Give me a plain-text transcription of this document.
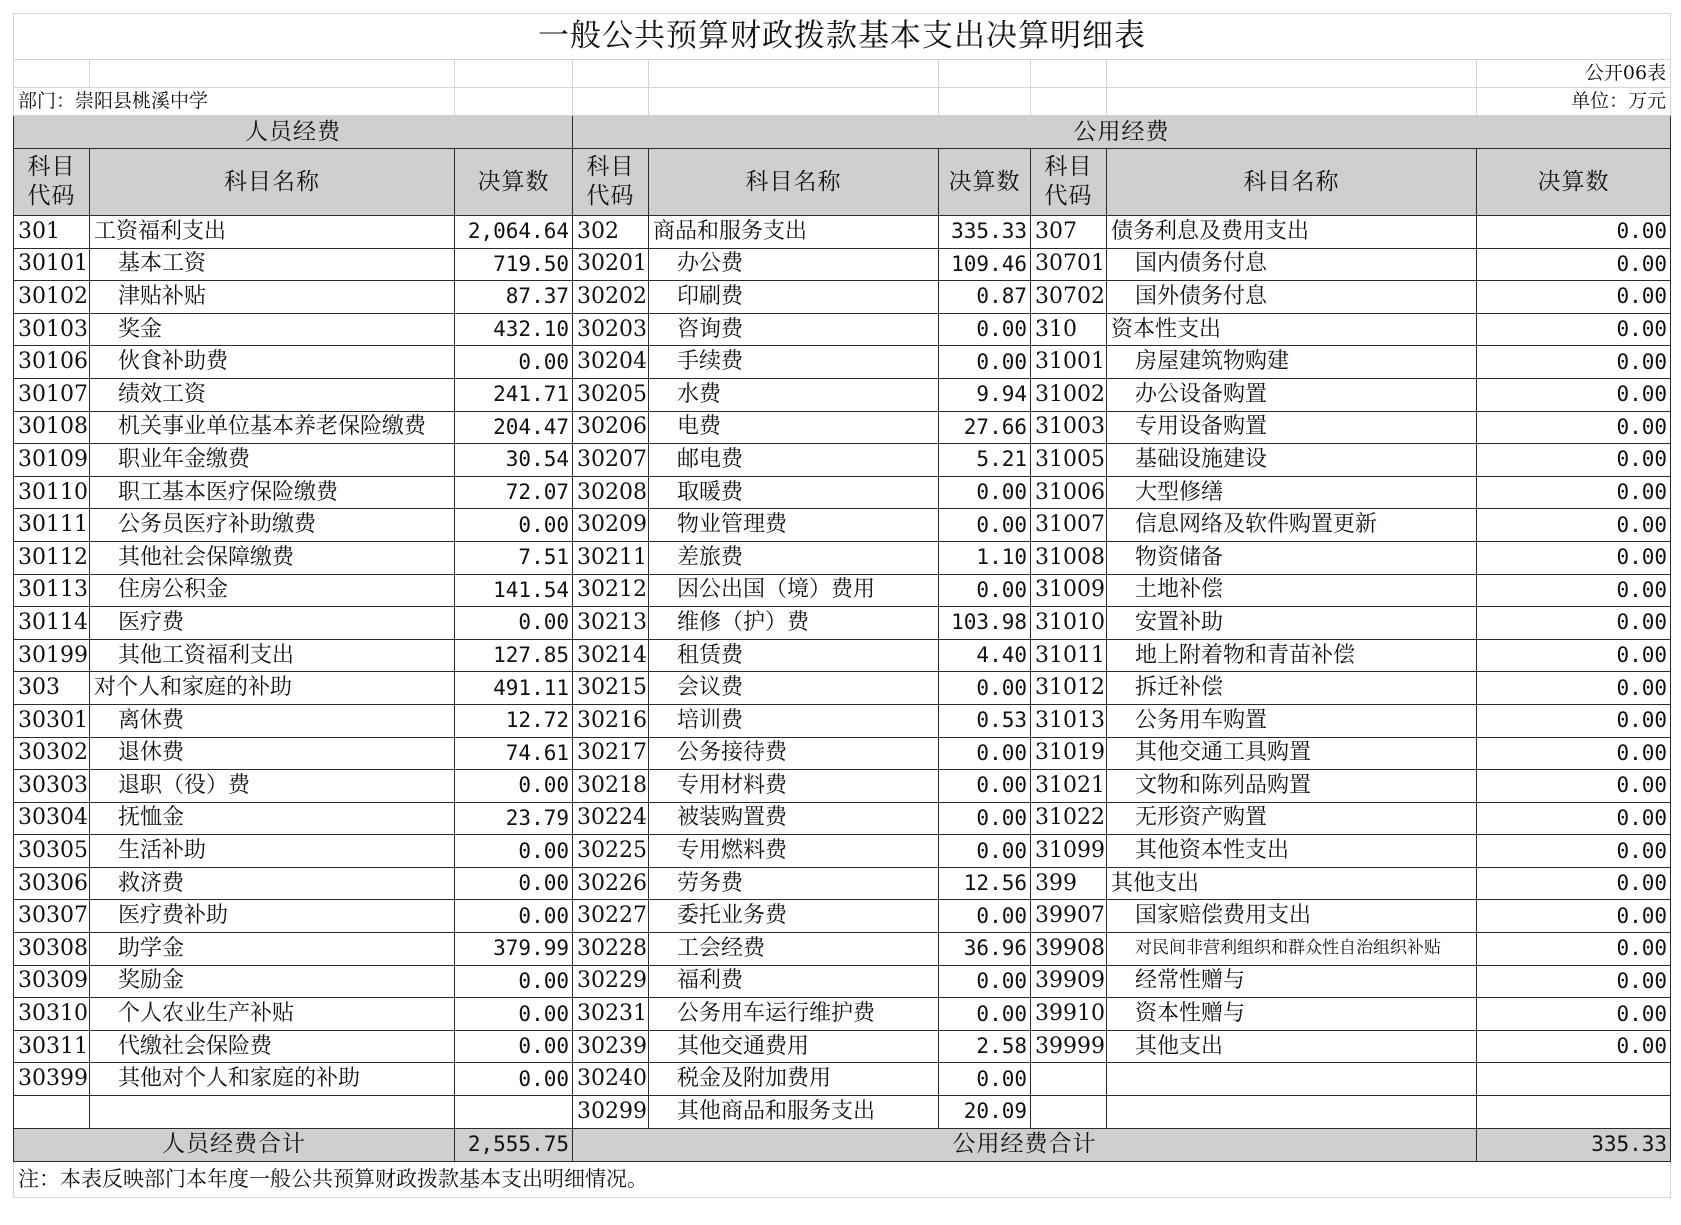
一般公共预算财政拨款基本支出决算明细表								
								公开06表
部门：崇阳县桃溪中学								单位：万元
人员经费			公用经费					
科目代码	科目名称	决算数	科目代码	科目名称	决算数	科目代码	科目名称	决算数
301	工资福利支出	2,064.64	302	商品和服务支出	335.33	307	债务利息及费用支出	0.00
30101	基本工资	719.50	30201	办公费	109.46	30701	国内债务付息	0.00
30102	津贴补贴	87.37	30202	印刷费	0.87	30702	国外债务付息	0.00
30103	奖金	432.10	30203	咨询费	0.00	310	资本性支出	0.00
30106	伙食补助费	0.00	30204	手续费	0.00	31001	房屋建筑物购建	0.00
30107	绩效工资	241.71	30205	水费	9.94	31002	办公设备购置	0.00
30108	机关事业单位基本养老保险缴费	204.47	30206	电费	27.66	31003	专用设备购置	0.00
30109	职业年金缴费	30.54	30207	邮电费	5.21	31005	基础设施建设	0.00
30110	职工基本医疗保险缴费	72.07	30208	取暖费	0.00	31006	大型修缮	0.00
30111	公务员医疗补助缴费	0.00	30209	物业管理费	0.00	31007	信息网络及软件购置更新	0.00
30112	其他社会保障缴费	7.51	30211	差旅费	1.10	31008	物资储备	0.00
30113	住房公积金	141.54	30212	因公出国（境）费用	0.00	31009	土地补偿	0.00
30114	医疗费	0.00	30213	维修（护）费	103.98	31010	安置补助	0.00
30199	其他工资福利支出	127.85	30214	租赁费	4.40	31011	地上附着物和青苗补偿	0.00
303	对个人和家庭的补助	491.11	30215	会议费	0.00	31012	拆迁补偿	0.00
30301	离休费	12.72	30216	培训费	0.53	31013	公务用车购置	0.00
30302	退休费	74.61	30217	公务接待费	0.00	31019	其他交通工具购置	0.00
30303	退职（役）费	0.00	30218	专用材料费	0.00	31021	文物和陈列品购置	0.00
30304	抚恤金	23.79	30224	被装购置费	0.00	31022	无形资产购置	0.00
30305	生活补助	0.00	30225	专用燃料费	0.00	31099	其他资本性支出	0.00
30306	救济费	0.00	30226	劳务费	12.56	399	其他支出	0.00
30307	医疗费补助	0.00	30227	委托业务费	0.00	39907	国家赔偿费用支出	0.00
30308	助学金	379.99	30228	工会经费	36.96	39908	对民间非营利组织和群众性自治组织补贴	0.00
30309	奖励金	0.00	30229	福利费	0.00	39909	经常性赠与	0.00
30310	个人农业生产补贴	0.00	30231	公务用车运行维护费	0.00	39910	资本性赠与	0.00
30311	代缴社会保险费	0.00	30239	其他交通费用	2.58	39999	其他支出	0.00
30399	其他对个人和家庭的补助	0.00	30240	税金及附加费用	0.00			
			30299	其他商品和服务支出	20.09			
人员经费合计		2,555.75	公用经费合计					335.33
注：本表反映部门本年度一般公共预算财政拨款基本支出明细情况。								
